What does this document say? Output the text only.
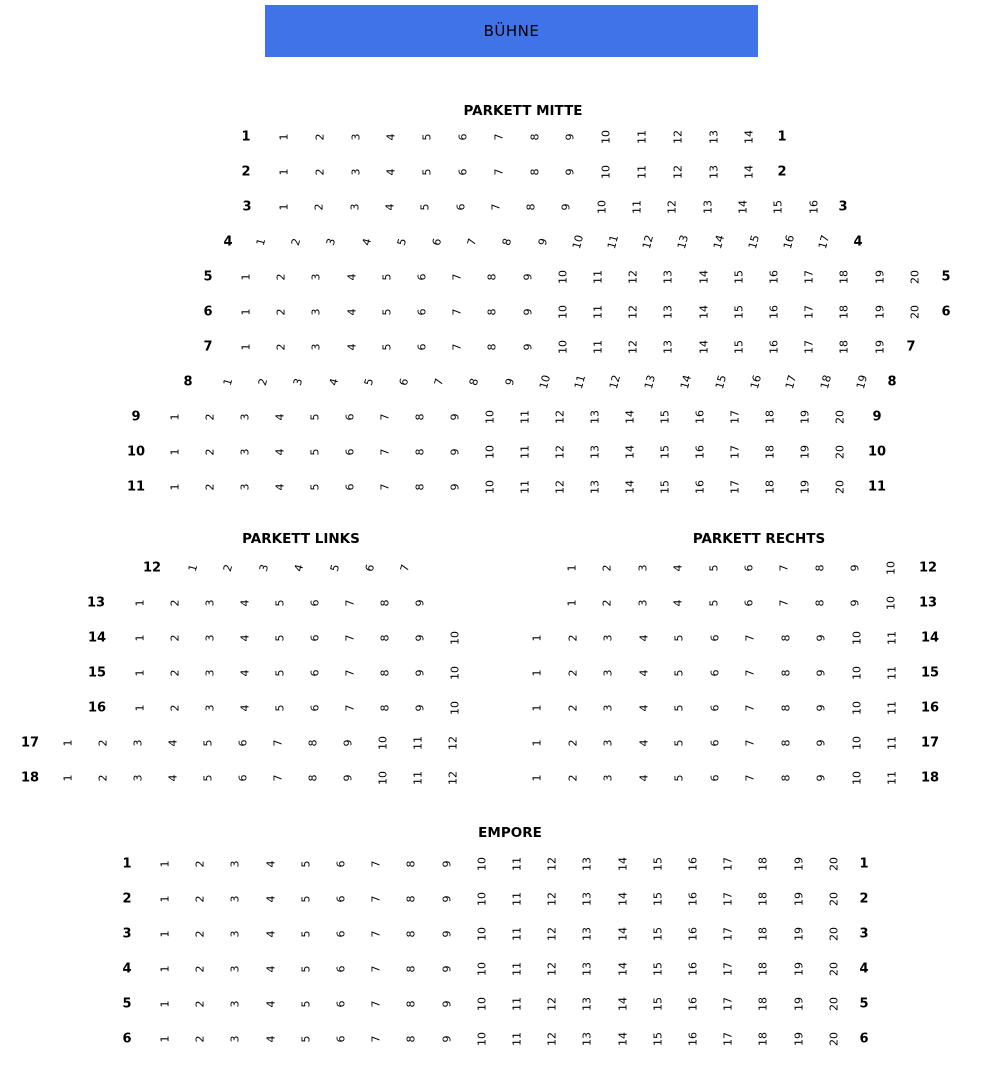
BÜHNE
PARKETT MITTE
PARKETT LINKS	PARKETT RECHTS
EMPORE
1 1 2 3 4 5 6 7 8 9 10 11 12 13 14 1
2 1 2 3 4 5 6 7 8 9 10 11 12 13 14 2
3 1 2 3 4 5 6 7 8 9 10 11 12 13 14 15 16 3
4 1 2 3 4 5 6 7 8 9 10 11 12 13 14 15 16 17 4
5 1 2 3 4 5 6 7 8 9 10 11 12 13 14 15 16 17 18 19 20 5
6 1 2 3 4 5 6 7 8 9 10 11 12 13 14 15 16 17 18 19 20 6
7 1 2 3 4 5 6 7 8 9 10 11 12 13 14 15 16 17 18 19 7
8	1 2 3 4 5 6 7 8 9 10 11 12 13 14 15 16 17 18 19 8
9	1 2 3 4 5 6 7 8 9 10 11 12 13 14 15 16 17 18 19 20 9
10 1 2 3 4 5 6 7 8 9 10 11 12 13 14 15 16 17 18 19 20 10
11 1 2 3 4 5 6 7 8 9 10 11 12 13 14 15 16 17 18 19 20 11
12 1 2 3 4 5 6 7
13	1 2 3 4 5 6 7 8 9
14 1 2 3 4 5 6 7 8 9 10
15 1 2 3 4 5 6 7 8 9 10
16 1 2 3 4 5 6 7 8 9 10
17 1 2 3 4 5 6 7 8 9 10 11 12
18 1 2 3 4 5 6 7 8 9 10 11 12
1 2 3 4 5 6 7 8 9 10 12
1 2 3 4 5 6 7 8 9 10 13
1 2 3 4 5 6 7 8 9 10 11 14
1 2 3 4 5 6 7 8 9 10 11 15
1 2 3 4 5 6 7 8 9 10 11 16
1 2 3 4 5 6 7 8 9 10 11 17
1 2 3 4 5 6 7 8 9 10 11 18
1 1 2 3 4 5 6 7 8 9 10 11 12 13 14 15 16 17 18 19 20 1
2 1 2 3 4 5 6 7 8 9 10 11 12 13 14 15 16 17 18 19 20 2
3 1 2 3 4 5 6 7 8 9 10 11 12 13 14 15 16 17 18 19 20 3
4 1 2 3 4 5 6 7 8 9 10 11 12 13 14 15 16 17 18 19 20 4
5 1 2 3 4 5 6 7 8 9 10 11 12 13 14 15 16 17 18 19 20 5
6 1 2 3 4 5 6 7 8 9 10 11 12 13 14 15 16 17 18 19 20 6
